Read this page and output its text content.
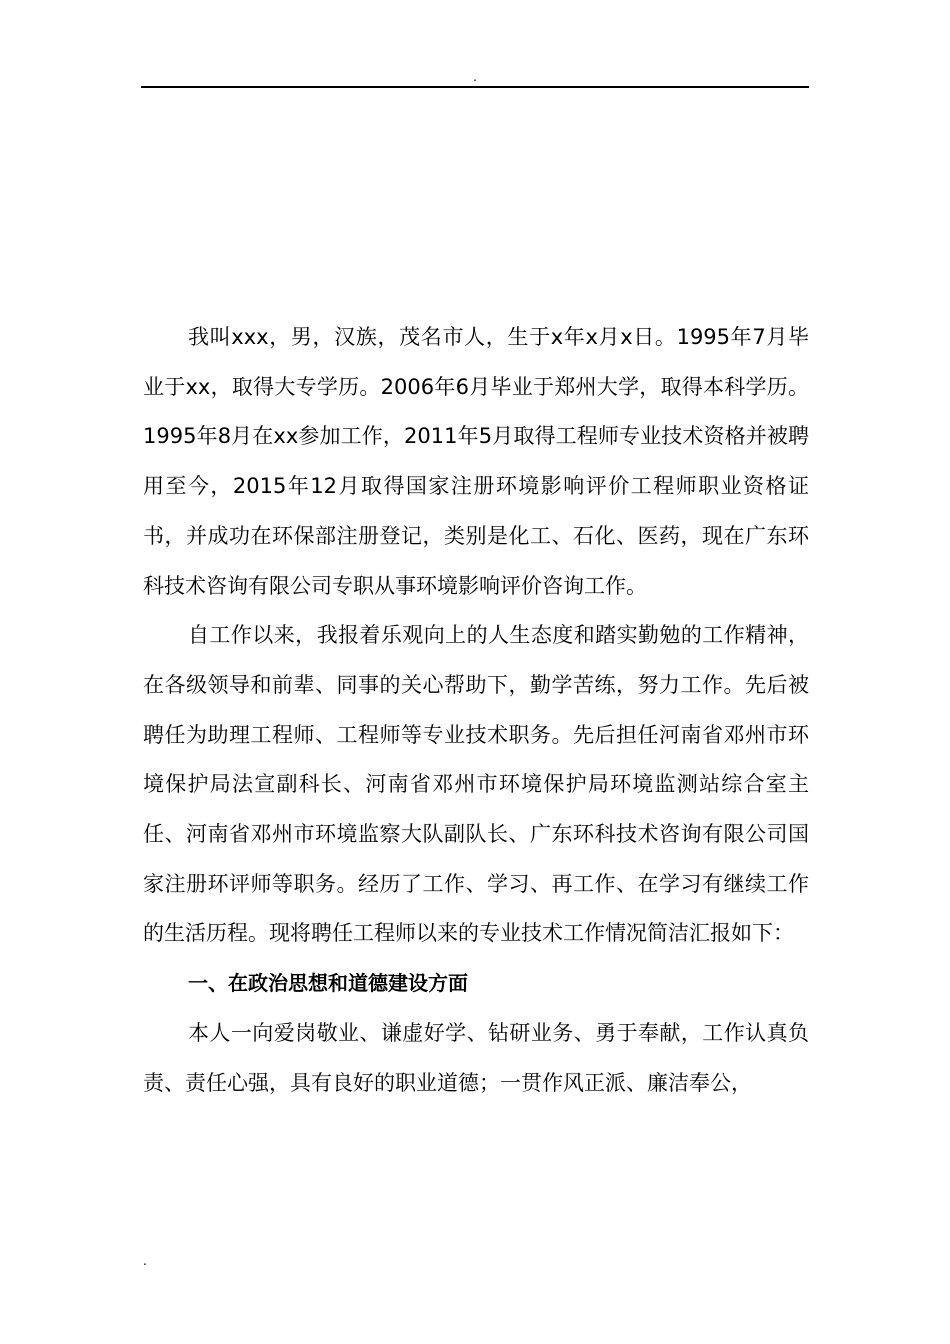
.

我叫xxx，男，汉族，茂名市人，生于x年x月x日。1995年7月毕业于xx，取得大专学历。2006年6月毕业于郑州大学，取得本科学历。1995年8月在xx参加工作，2011年5月取得工程师专业技术资格并被聘用至今，2015年12月取得国家注册环境影响评价工程师职业资格证书，并成功在环保部注册登记，类别是化工、石化、医药，现在广东环科技术咨询有限公司专职从事环境影响评价咨询工作。

自工作以来，我报着乐观向上的人生态度和踏实勤勉的工作精神，在各级领导和前辈、同事的关心帮助下，勤学苦练，努力工作。先后被聘任为助理工程师、工程师等专业技术职务。先后担任河南省邓州市环境保护局法宣副科长、河南省邓州市环境保护局环境监测站综合室主任、河南省邓州市环境监察大队副队长、广东环科技术咨询有限公司国家注册环评师等职务。经历了工作、学习、再工作、在学习有继续工作的生活历程。现将聘任工程师以来的专业技术工作情况简洁汇报如下：

一、在政治思想和道德建设方面

本人一向爱岗敬业、谦虚好学、钻研业务、勇于奉献，工作认真负责、责任心强，具有良好的职业道德；一贯作风正派、廉洁奉公，

.
